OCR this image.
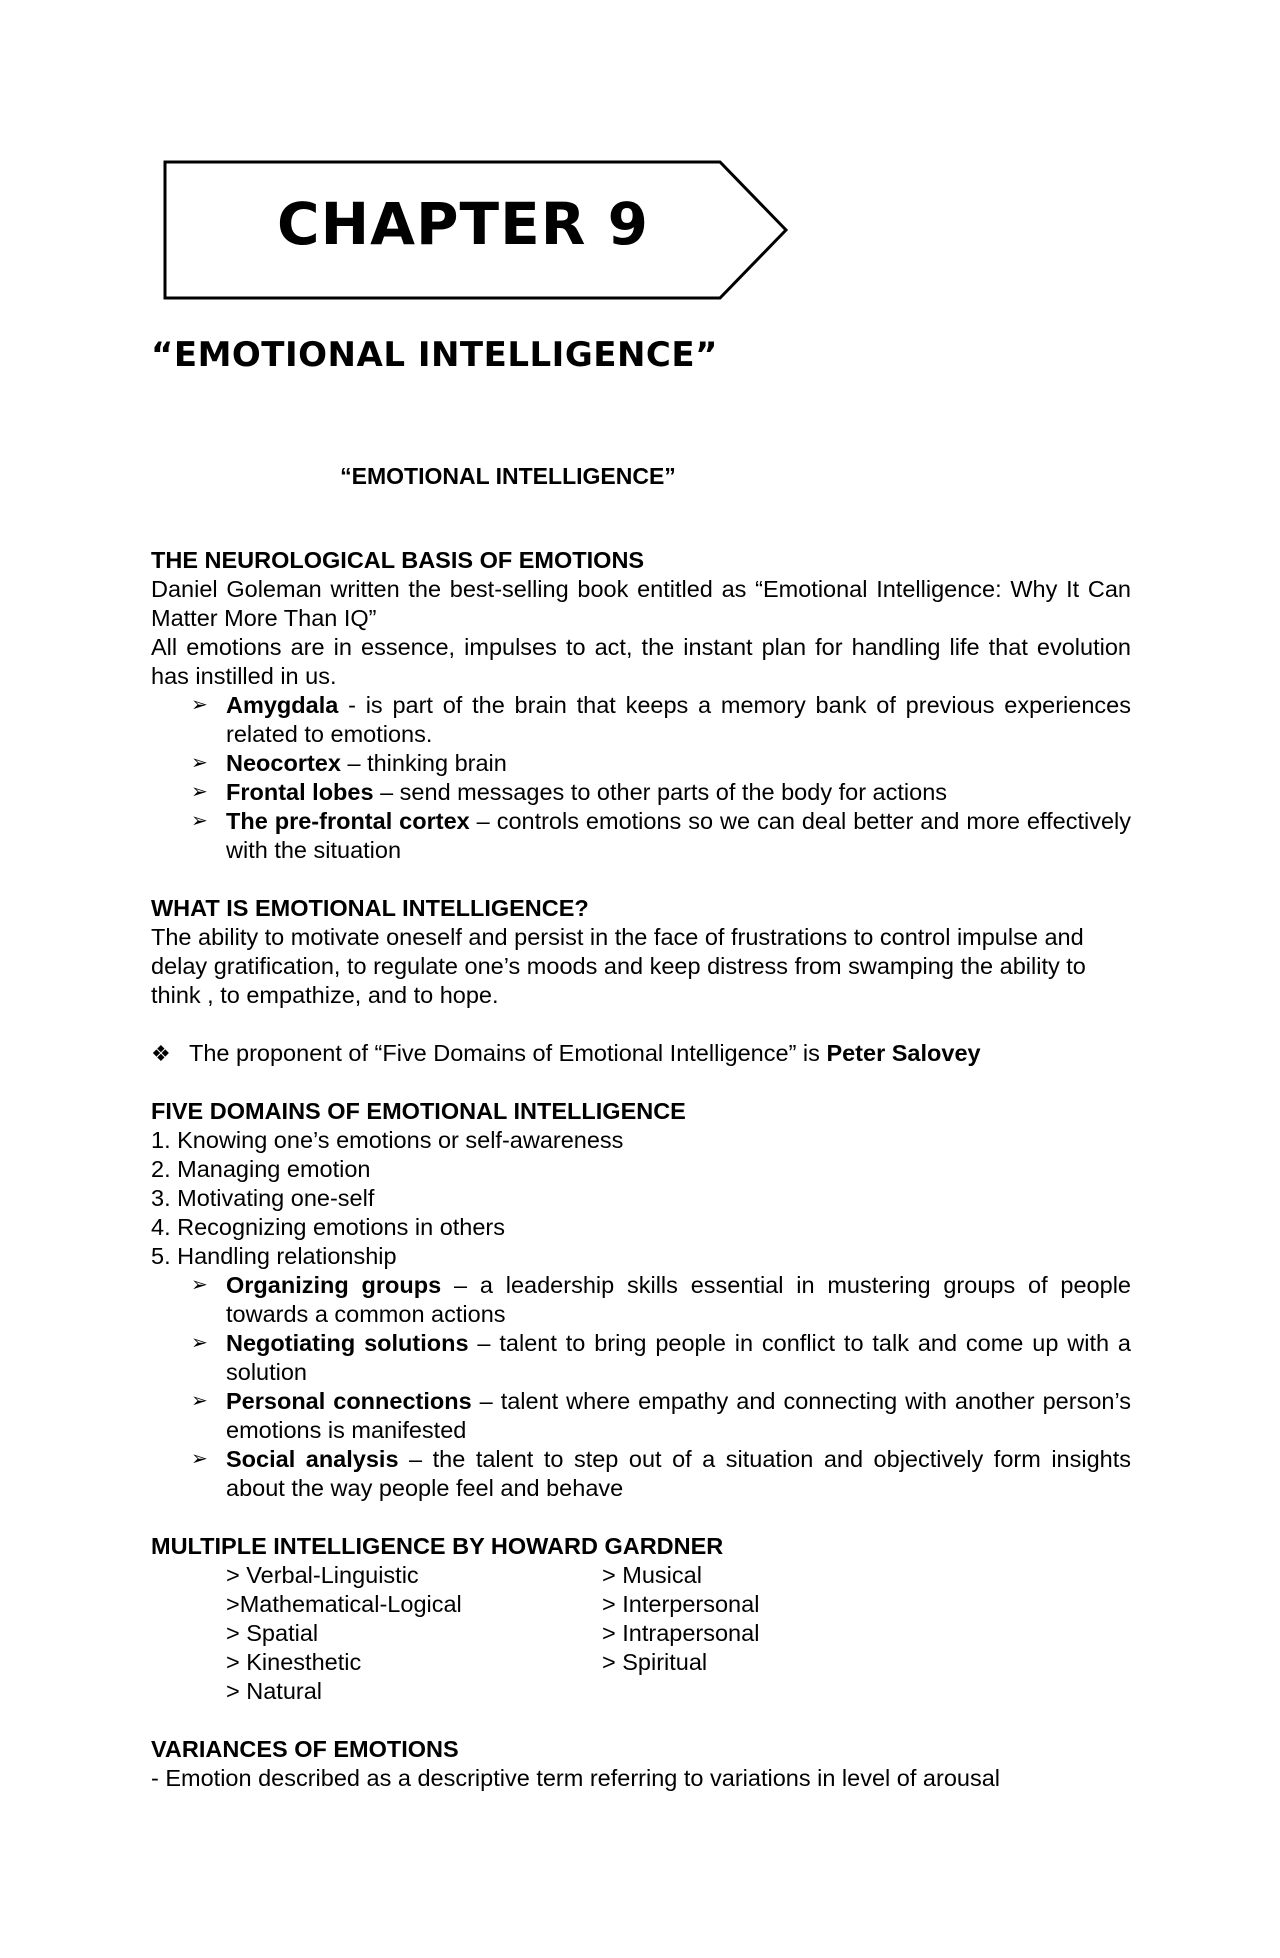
CHAPTER 9
“EMOTIONAL INTELLIGENCE”
“EMOTIONAL INTELLIGENCE”

THE NEUROLOGICAL BASIS OF EMOTIONS

Daniel Goleman written the best-selling book entitled as “Emotional Intelligence: Why It Can Matter More Than IQ”

All emotions are in essence, impulses to act, the instant plan for handling life that evolution has instilled in us.

➢ Amygdala - is part of the brain that keeps a memory bank of previous experiences related to emotions.
➢ Neocortex – thinking brain
➢ Frontal lobes – send messages to other parts of the body for actions
➢ The pre-frontal cortex – controls emotions so we can deal better and more effectively with the situation

WHAT IS EMOTIONAL INTELLIGENCE?

The ability to motivate oneself and persist in the face of frustrations to control impulse and delay gratification, to regulate one’s moods and keep distress from swamping the ability to think , to empathize, and to hope.

❖ The proponent of “Five Domains of Emotional Intelligence” is Peter Salovey

FIVE DOMAINS OF EMOTIONAL INTELLIGENCE

1. Knowing one’s emotions or self-awareness

2. Managing emotion

3. Motivating one-self

4. Recognizing emotions in others

5. Handling relationship

➢ Organizing groups – a leadership skills essential in mustering groups of people towards a common actions
➢ Negotiating solutions – talent to bring people in conflict to talk and come up with a solution
➢ Personal connections – talent where empathy and connecting with another person’s emotions is manifested
➢ Social analysis – the talent to step out of a situation and objectively form insights about the way people feel and behave

MULTIPLE INTELLIGENCE BY HOWARD GARDNER

> Verbal-Linguistic
>Mathematical-Logical
> Spatial
> Kinesthetic
> Natural
> Musical
> Interpersonal
> Intrapersonal
> Spiritual

VARIANCES OF EMOTIONS

- Emotion described as a descriptive term referring to variations in level of arousal
